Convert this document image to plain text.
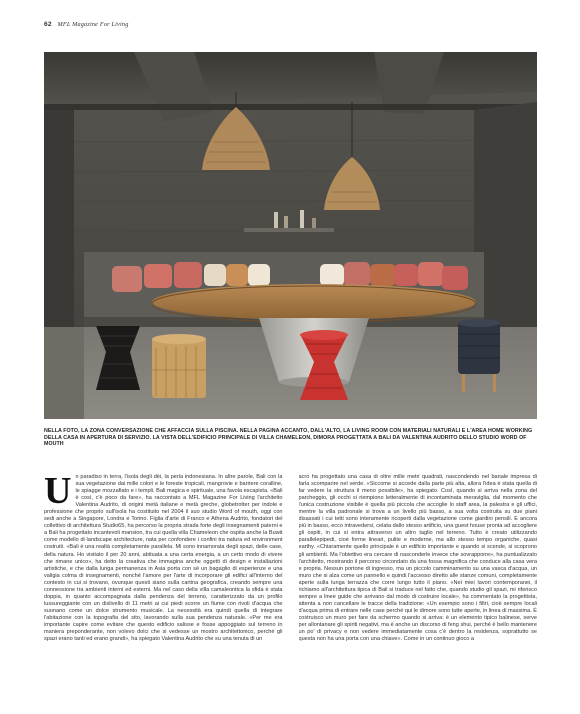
62 MFL Magazine For Living
NELLA FOTO, LA ZONA CONVERSAZIONE CHE AFFACCIA SULLA PISCINA. NELLA PAGINA ACCANTO, DALL'ALTO, LA LIVING ROOM CON MATERIALI NATURALI E L'AREA HOME WORKING DELLA CASA IN APERTURA DI SERVIZIO. LA VISTA DELL'EDIFICIO PRINCIPALE DI VILLA CHAMELEON, DIMORA PROGETTATA A BALI DA VALENTINA AUDRITO DELLO STUDIO WORD OF MOUTH
Un paradiso in terra, l'isola degli dèi, la perla indonesiana. In altre parole, Bali con la sua vegetazione dai mille colori e le foreste tropicali, mangrovie e barriere coralline, le spiagge mozzafiato e i templi. Bali magica e spirituale, una favola escapista. «Bali è così, c'è poco da fare», ha raccontato a MFL Magazine For Living l'architetto Valentina Audrito, di origini metà italiane e metà greche, globetrotter per indole e professione che proprio sull'isola ha costituito nel 2004 il suo studio Word of mouth, oggi con sedi anche a Singapore, Londra e Torino. Figlia d'arte di Franco e Athena Audrito, fondatori del collettivo di architettura Studio65, ha percorso la propria strada forte degli insegnamenti paterni e a Bali ha progettato incantevoli mansion, tra cui quella villa Chameleon che ospita anche la Buwit come modello di landscape architecture, nata per confondere i confini tra natura ed environment costruiti. «Bali è una realtà completamente parallela. Mi sono innamorata degli spazi, delle case, della natura. Ho visitato il per 20 anni, abituata a una certa energia, a un certo modo di vivere che rimane unico», ha detto la creativa che immagina anche oggetti di design e installazioni artistiche, e che dalla lunga permanenza in Asia porta con sé un bagaglio di esperienze e una valigia colma di insegnamenti, nonché l'amore per l'arte di incorporare gli edifici all'interno del contesto in cui si trovano, ovunque questi siano sulla cartina geografica, creando sempre una connessione tra ambienti interni ed esterni. Ma nel caso della villa camaleontica la sfida è stata doppia, in quanto accompagnata dalla pendenza del terreno, caratterizzato da un profilo lussureggiante con un dislivello di 11 metri ai cui piedi scorre un fiume con rivoli d'acqua che suonano come un dolce strumento musicale. La necessità era quindi quella di integrare l'abitazione con la topografia del sito, lavorando sulla sua pendenza naturale. «Per me era importante capire come evitare che questo edificio salisse e fosse appoggiato sul terreno in maniera preponderante, non volevo dolci che si vedesse un mostro architettonico, perché gli spazi erano tanti ed erano grandi», ha spiegato Valentina Audrito che su una tenuta di un
acro ha progettato una casa di oltre mille metri quadrati, nascondendo nel banale impresa di farla scomparire nel verde. «Siccome si accede dalla parte più alta, allora l'idea è stata quella di far vedere la struttura il meno possibile», ha spiegato. Così, quando si arriva nella zona del parcheggio, gli occhi si riempiono letteralmente di incontaminata meraviglia, dal momento che l'unica costruzione visibile è quella più piccola che accoglie lo staff area, la palestra e gli uffici, mentre la villa padronale si trova a un livello più basso, a sua volta costruita su due piani disassati i cui tetti sono interamente ricoperti dalla vegetazione come giardini pensili. E ancora più in basso, ecco intravedersi, celata dallo stesso artificio, una guest house pronta ad accogliere gli ospiti, in cui si entra attraverso un altro taglio nel terreno. Tutto è creato utilizzando parallelepipedi, cioè forme lineari, pulite e moderne, ma allo stesso tempo organiche, quasi earthy. «Chiaramente quello principale è un edificio importante e quando si scende, si scoprono gli ambienti. Ma l'obiettivo era cercare di nasconderle invece che sovrapporre», ha puntualizzato l'architetto, mostrando il percorso circondato da una fossa magnifica che conduce alla casa vera e propria. Nessun portone di ingresso, ma un piccolo camminamento su una vasca d'acqua, un muro che si alza come un pannello e quindi l'accesso diretto alle stanze comuni, completamente aperte sulla lunga terrazza che corre lungo tutto il piano. «Nei miei lavori contemporanei, il richiamo all'architettura tipica di Bali si traduce nel fatto che, quando studio gli spazi, mi riferisco sempre a linee guide che arrivano dal modo di costruire locale», ha commentato la progettista, attenta a non cancellare le tracce della tradizione: «Un esempio sono i filtri, cioè sempre locali d'acqua prima di entrare nelle case perché qui le dimore sono tutte aperte, in linea di massima. È costruisco un muro per fare da schermo quando si arriva: è un elemento tipico balinese, serve per allontanare gli spiriti negativi, ma è anche un discorso di feng shui, perché è bello mantenere un po' di privacy e non vedere immediatamente cosa c'è dentro la residenza, soprattutto se questa non ha una porta con una chiave». Come in un continuo gioco a
